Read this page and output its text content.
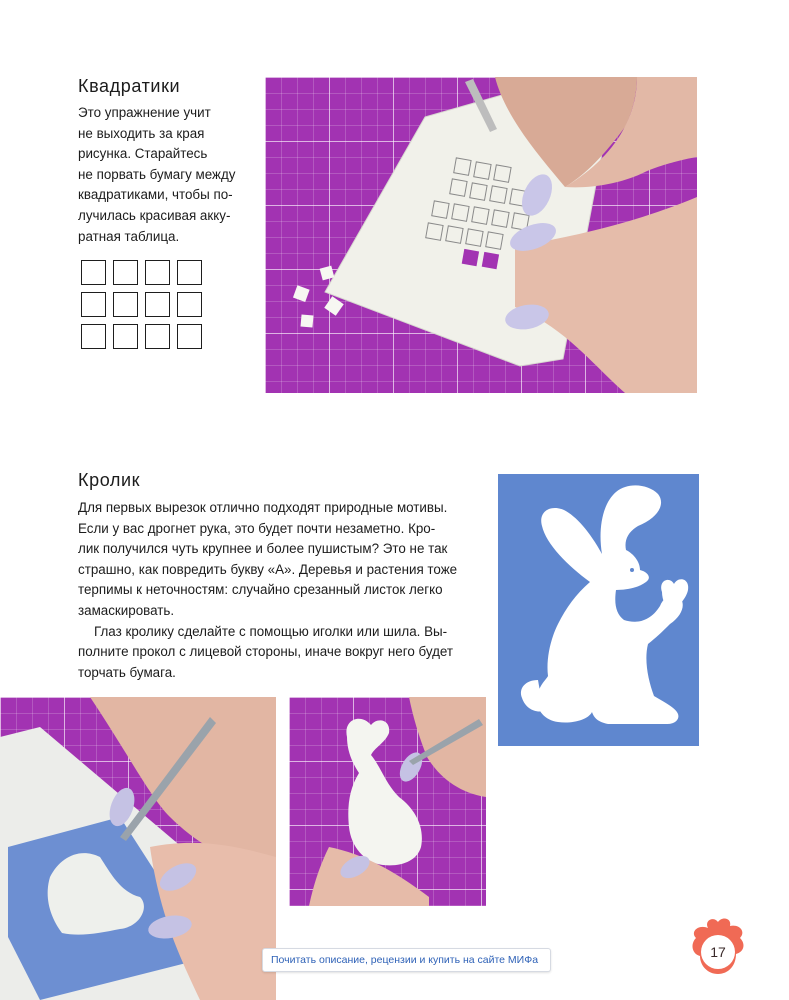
Квадратики
Это упражнение учит
не выходить за края
рисунка. Старайтесь
не порвать бумагу между
квадратиками, чтобы по-
лучилась красивая акку-
ратная таблица.
Кролик
Для первых вырезок отлично подходят природные мотивы.
Если у вас дрогнет рука, это будет почти незаметно. Кро-
лик получился чуть крупнее и более пушистым? Это не так
страшно, как повредить букву «А». Деревья и растения тоже
терпимы к неточностям: случайно срезанный листок легко
замаскировать.
Глаз кролику сделайте с помощью иголки или шила. Вы-
полните прокол с лицевой стороны, иначе вокруг него будет
торчать бумага.
Почитать описание, рецензии и купить на сайте МИФа	17
